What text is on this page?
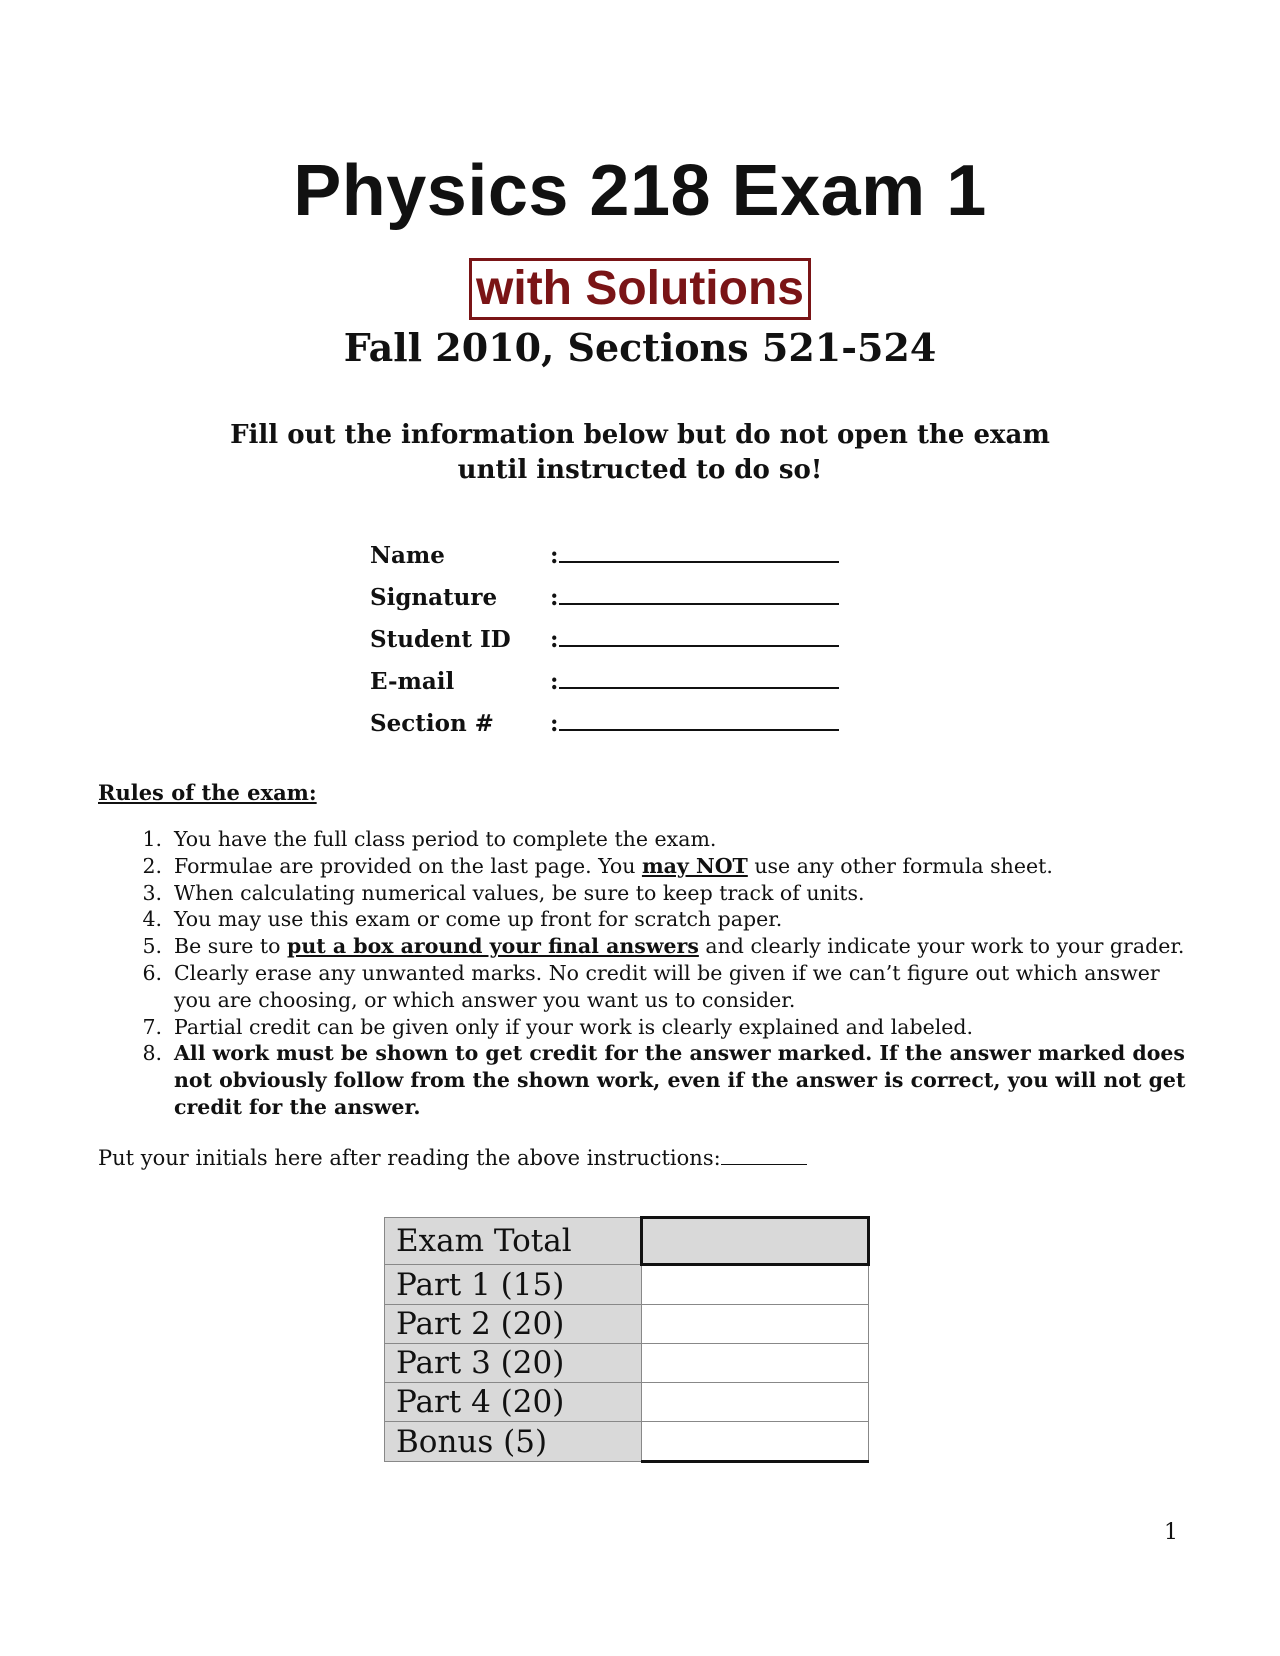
Physics 218 Exam 1
with Solutions
Fall 2010, Sections 521-524
Fill out the information below but do not open the exam
until instructed to do so!
Name	:
Signature :
Student ID :
E-mail	:
Section # :
Rules of the exam:
1. You have the full class period to complete the exam.
2. Formulae are provided on the last page. You may NOT use any other formula sheet.
3. When calculating numerical values, be sure to keep track of units.
4. You may use this exam or come up front for scratch paper.
5. Be sure to put a box around your final answers and clearly indicate your work to your grader.
6. Clearly erase any unwanted marks. No credit will be given if we can’t figure out which answer you are choosing, or which answer you want us to consider.
7. Partial credit can be given only if your work is clearly explained and labeled.
8. All work must be shown to get credit for the answer marked. If the answer marked does not obviously follow from the shown work, even if the answer is correct, you will not get credit for the answer.
Put your initials here after reading the above instructions:
Exam Total	
Part 1 (15)	
Part 2 (20)	
Part 3 (20)	
Part 4 (20)	
Bonus (5)	
1
